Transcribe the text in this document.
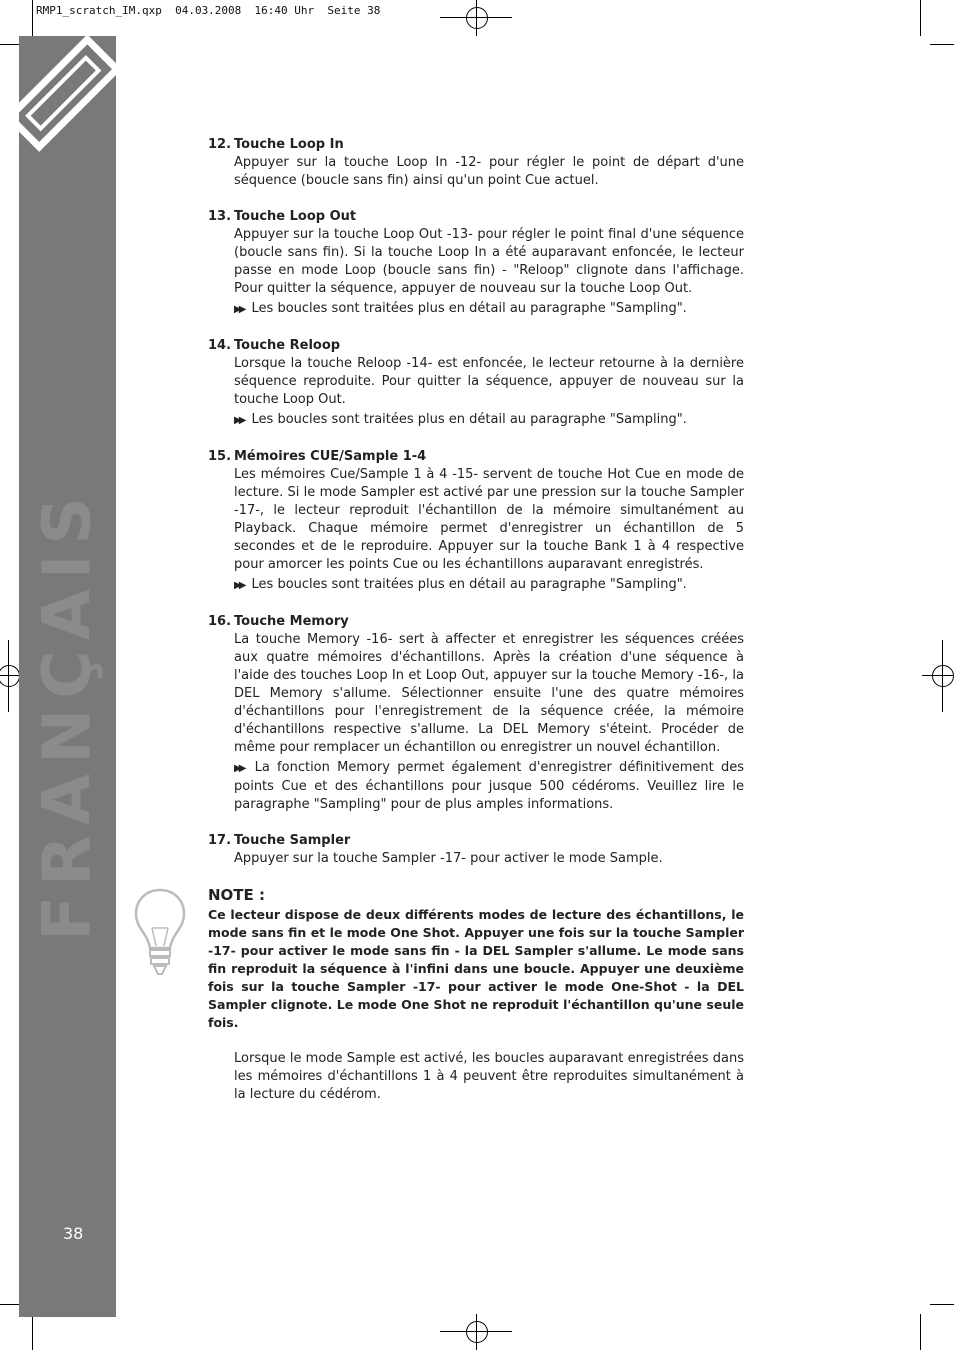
RMP1_scratch_IM.qxp  04.03.2008  16:40 Uhr  Seite 38
FRANÇAIS
38
12. Touche Loop In
Appuyer sur la touche Loop In -12- pour régler le point de départ d'une séquence (boucle sans fin) ainsi qu'un point Cue actuel.
13. Touche Loop Out
Appuyer sur la touche Loop Out -13- pour régler le point final d'une séquence (boucle sans fin). Si la touche Loop In a été auparavant enfoncée, le lecteur passe en mode Loop (boucle sans fin) - "Reloop" clignote dans l'affichage. Pour quitter la séquence, appuyer de nouveau sur la touche Loop Out.
▶▶ Les boucles sont traitées plus en détail au paragraphe "Sampling".
14. Touche Reloop
Lorsque la touche Reloop -14- est enfoncée, le lecteur retourne à la dernière séquence reproduite. Pour quitter la séquence, appuyer de nouveau sur la touche Loop Out.
▶▶ Les boucles sont traitées plus en détail au paragraphe "Sampling".
15. Mémoires CUE/Sample 1-4
Les mémoires Cue/Sample 1 à 4 -15- servent de touche Hot Cue en mode de lecture. Si le mode Sampler est activé par une pression sur la touche Sampler -17-, le lecteur reproduit l'échantillon de la mémoire simultanément au Playback. Chaque mémoire permet d'enregistrer un échantillon de 5 secondes et de le reproduire. Appuyer sur la touche Bank 1 à 4 respective pour amorcer les points Cue ou les échantillons auparavant enregistrés.
▶▶ Les boucles sont traitées plus en détail au paragraphe "Sampling".
16. Touche Memory
La touche Memory -16- sert à affecter et enregistrer les séquences créées aux quatre mémoires d'échantillons. Après la création d'une séquence à l'aide des touches Loop In et Loop Out, appuyer sur la touche Memory -16-, la DEL Memory s'allume. Sélectionner ensuite l'une des quatre mémoires d'échantillons pour l'enregistrement de la séquence créée, la mémoire d'échantillons respective s'allume. La DEL Memory s'éteint. Procéder de même pour remplacer un échantillon ou enregistrer un nouvel échantillon.
▶▶ La fonction Memory permet également d'enregistrer définitivement des points Cue et des échantillons pour jusque 500 cédéroms. Veuillez lire le paragraphe "Sampling" pour de plus amples informations.
17. Touche Sampler
Appuyer sur la touche Sampler -17- pour activer le mode Sample.
NOTE :
Ce lecteur dispose de deux différents modes de lecture des échantillons, le mode sans fin et le mode One Shot. Appuyer une fois sur la touche Sampler -17- pour activer le mode sans fin - la DEL Sampler s'allume. Le mode sans fin reproduit la séquence à l'infini dans une boucle. Appuyer une deuxième fois sur la touche Sampler -17- pour activer le mode One-Shot - la DEL Sampler clignote. Le mode One Shot ne reproduit l'échantillon qu'une seule fois.
Lorsque le mode Sample est activé, les boucles auparavant enregistrées dans les mémoires d'échantillons 1 à 4 peuvent être reproduites simultanément à la lecture du cédérom.
